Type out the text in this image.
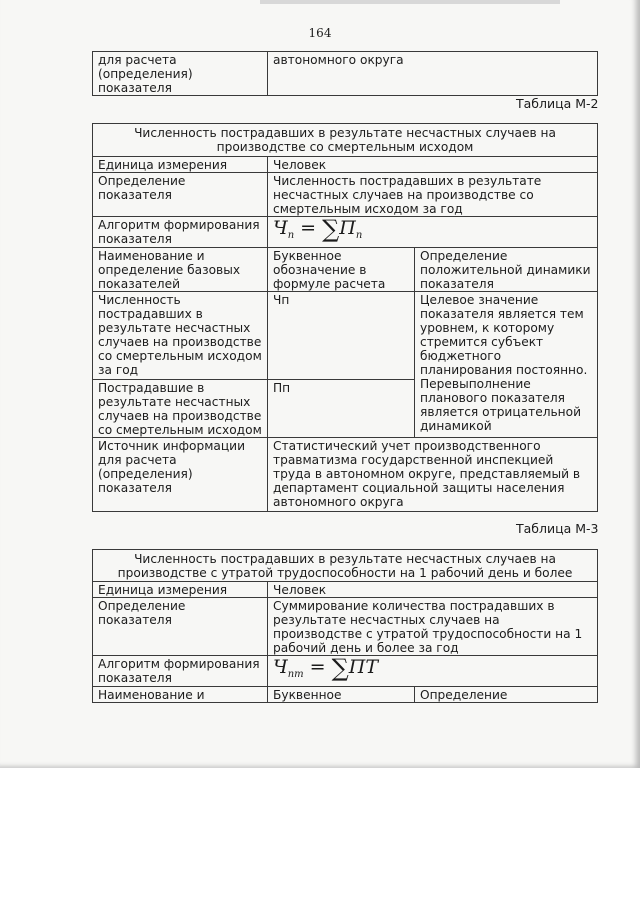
164
для расчета (определения) показателя	автономного округа
Таблица М-2
Численность пострадавших в результате несчастных случаев на производстве со смертельным исходом		
Единица измерения	Человек	
Определение показателя	Численность пострадавших в результате несчастных случаев на производстве со смертельным исходом за год	
Алгоритм формирования показателя	$Ч_п = \sum П_п$
Наименование и определение базовых показателей	Буквенное обозначение в формуле расчета	Определение положительной динамики показателя
Численность пострадавших в результате несчастных случаев на производстве со смертельным исходом за год	Чп	Целевое значение показателя является тем уровнем, к которому стремится субъект бюджетного планирования постоянно. Перевыполнение планового показателя является отрицательной динамикой
Пострадавшие в результате несчастных случаев на производстве со смертельным исходом	Пп	
Источник информации для расчета (определения) показателя	Статистический учет производственного травматизма государственной инспекцией труда в автономном округе, представляемый в департамент социальной защиты населения автономного округа	
Таблица М-3
Численность пострадавших в результате несчастных случаев на производстве с утратой трудоспособности на 1 рабочий день и более		
Единица измерения	Человек	
Определение показателя	Суммирование количества пострадавших в результате несчастных случаев на производстве с утратой трудоспособности на 1 рабочий день и более за год	
Алгоритм формирования показателя	$Ч_{пт} = \sum ПТ$	
Наименование и	Буквенное	Определение
